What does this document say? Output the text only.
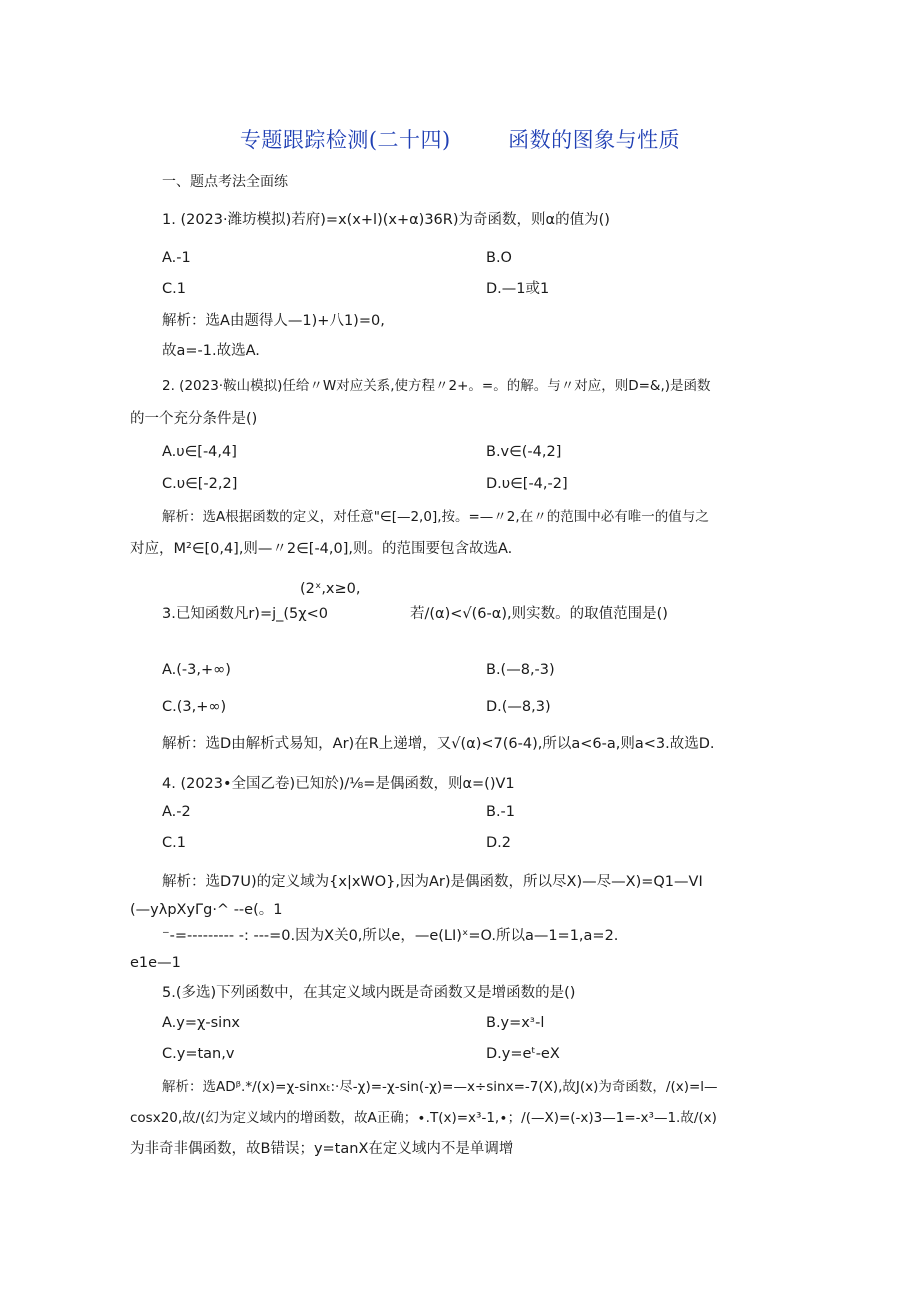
专题跟踪检测(二十四)        函数的图象与性质
一、题点考法全面练
1. (2023·潍坊模拟)若府)=x(x+l)(x+α)36R)为奇函数，则α的值为()
A.-1	B.O
C.1	D.—1或1
解析：选A由题得人—1)+八1)=0,
故a=-1.故选A.
2. (2023·鞍山模拟)任给〃W对应关系,使方程〃2+。=。的解。与〃对应，则D=&,)是函数
的一个充分条件是()
A.υ∈[-4,4]	B.v∈(-4,2]
C.υ∈[-2,2]	D.υ∈[-4,-2]
解析：选A根据函数的定义，对任意"∈[—2,0],按。=—〃2,在〃的范围中必有唯一的值与之
对应，M²∈[0,4],则—〃2∈[-4,0],则。的范围要包含故选A.
(2ˣ,x≥0,
3.已知函数凡r)=j_(5χ<0	若/(α)<√(6-α),则实数。的取值范围是()
A.(-3,+∞)	B.(—8,-3)
C.(3,+∞)	D.(—8,3)
解析：选D由解析式易知，Ar)在R上递增，又√(α)<7(6-4),所以a<6-a,则a<3.故选D.
4. (2023•全国乙卷)已知於)/⅛=是偶函数，则α=()V1
A.-2	B.-1
C.1	D.2
解析：选D7U)的定义域为{x|xWO},因为Ar)是偶函数，所以尽X)—尽—X)=Q1—VI
(—yλpXyΓg·^ --e(。1
⁻-=--------- -: ---=0.因为X关0,所以e，—e(LI)ˣ=O.所以a—1=1,a=2.
e1e—1
5.(多选)下列函数中，在其定义域内既是奇函数又是增函数的是()
A.y=χ-sinx	B.y=xᶟ-l
C.y=tan,v	D.y=eᵗ-eX
解析：选ADᵝ.*/(x)=χ-sinxₜ:·尽-χ)=-χ-sin(-χ)=—x÷sinx=-7(X),故J(x)为奇函数，/(x)=l—
cosx20,故/(幻为定义域内的增函数，故A正确；∙.T(x)=x³-1,∙；/(—X)=(-x)3—1=-x³—1.故/(x)
为非奇非偶函数，故B错误；y=tanX在定义域内不是单调增
